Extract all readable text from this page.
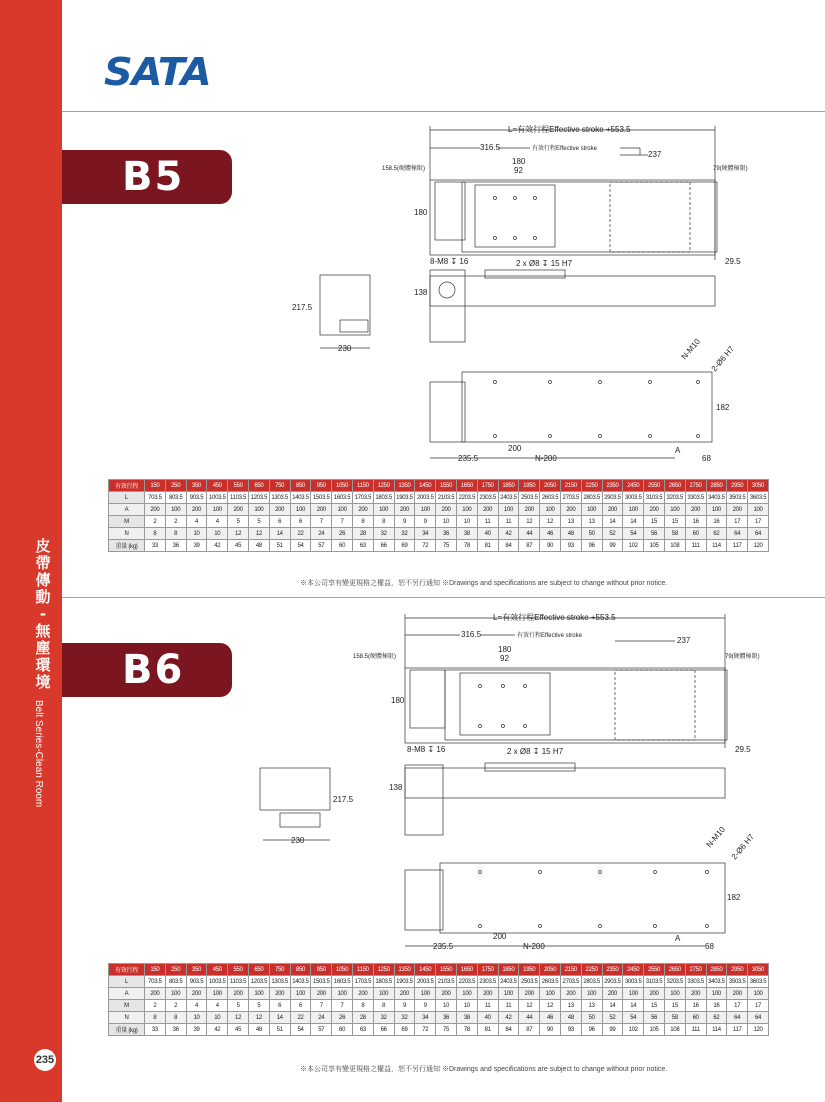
皮
帶
傳
動
-
無
塵
環
境
Belt Series-Clean Room
235
SATA
B5
L=有效行程Effective stroke +553.5
316.5	有效行程Effective stroke
237
158.5(硬體極限)	79(硬體極限)
180
92
180
8-M8 ↧ 16	2 x Ø8 ↧ 15 H7	29.5
138
230
217.5
N-M10 2-Ø6 H7
182
235.5
200
N-200
A
68
有效行程	150	250	350	450	550	650	750	850	950	1050	1150	1250	1350	1450	1550	1650	1750	1850	1950	2050	2150	2250	2350	2450	2550	2650	2750	2850	2950	3050
L	703.5	803.5	903.5	1003.5	1103.5	1203.5	1303.5	1403.5	1503.5	1603.5	1703.5	1803.5	1903.5	2003.5	2103.5	2203.5	2303.5	2403.5	2503.5	2603.5	2703.5	2803.5	2903.5	3003.5	3103.5	3203.5	3303.5	3403.5	3503.5	3603.5
A	200	100	200	100	200	100	200	100	200	100	200	100	200	100	200	100	200	100	200	100	200	100	200	100	200	100	200	100	200	100
M	2	2	4	4	5	5	6	6	7	7	8	8	9	9	10	10	11	11	12	12	13	13	14	14	15	15	16	16	17	17
N	8	8	10	10	12	12	14	22	24	26	28	32	32	34	36	38	40	42	44	46	48	50	52	54	56	58	60	62	64	64
重量 (kg)	33	36	39	42	45	48	51	54	57	60	63	66	69	72	75	78	81	84	87	90	93	96	99	102	105	108	111	114	117	120
※本公司享有變更規格之權益，恕不另行通知 ※Drawings and specifications are subject to change without prior notice.
B6
L=有效行程Effective stroke +553.5
316.5	有效行程Effective stroke	237
158.5(硬體極限)	79(硬體極限)
180
92
180
8-M8 ↧ 16	2 x Ø8 ↧ 15 H7	29.5
138
230
217.5
N-M10 2-Ø6 H7
182
235.5
200
N-200
A
68
有效行程	150	250	350	450	550	650	750	850	950	1050	1150	1250	1350	1450	1550	1650	1750	1850	1950	2050	2150	2250	2350	2450	2550	2650	2750	2850	2950	3050
L	703.5	803.5	903.5	1003.5	1103.5	1203.5	1303.5	1403.5	1503.5	1603.5	1703.5	1803.5	1903.5	2003.5	2103.5	2203.5	2303.5	2403.5	2503.5	2603.5	2703.5	2803.5	2903.5	3003.5	3103.5	3203.5	3303.5	3403.5	3503.5	3603.5
A	200	100	200	100	200	100	200	100	200	100	200	100	200	100	200	100	200	100	200	100	200	100	200	100	200	100	200	100	200	100
M	2	2	4	4	5	5	6	6	7	7	8	8	9	9	10	10	11	11	12	12	13	13	14	14	15	15	16	16	17	17
N	8	8	10	10	12	12	14	22	24	26	28	32	32	34	36	38	40	42	44	46	48	50	52	54	56	58	60	62	64	64
重量 (kg)	33	36	39	42	45	48	51	54	57	60	63	66	69	72	75	78	81	84	87	90	93	96	99	102	105	108	111	114	117	120
※本公司享有變更規格之權益，恕不另行通知 ※Drawings and specifications are subject to change without prior notice.
